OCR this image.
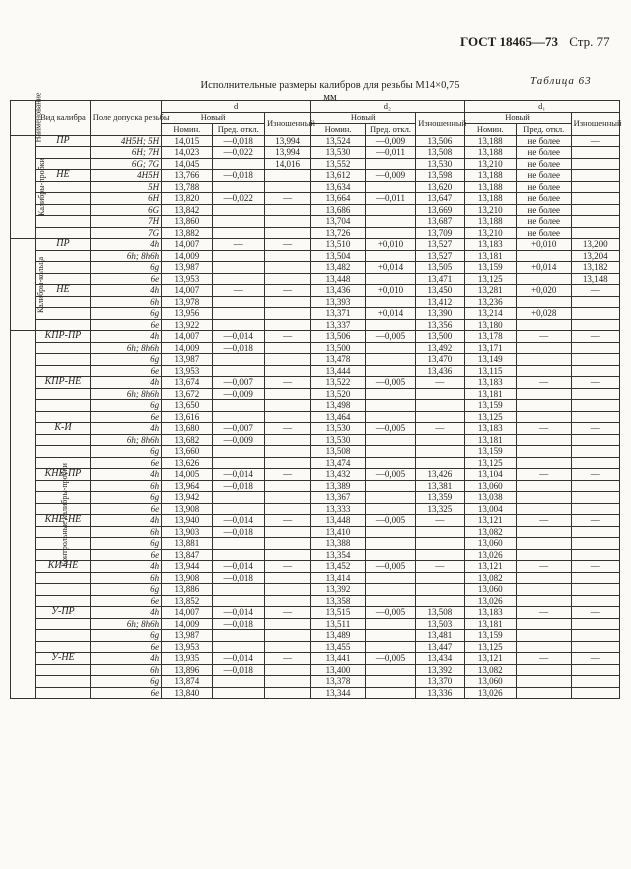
ГОСТ 18465—73 Стр. 77
Таблица 63
Исполнительные размеры калибров для резьбы М14×0,75
мм
Наименование	Вид калибра	Поле допуска резьбы	d			d₂			d₁		
			Новый		Изношенный	Новый		Изношенный	Новый		Изношенный
			Номин.	Пред. откл.		Номин.	Пред. откл.		Номин.	Пред. откл.	
Калибры-пробки	ПР	4H5H; 5H	14,015	—0,018	13,994	13,524	—0,009	13,506	13,188	не более	—
		6H; 7H	14,023	—0,022	13,994	13,530	—0,011	13,508	13,188	не более	
		6G; 7G	14,045		14,016	13,552		13,530	13,210	не более	
	НЕ	4H5H	13,766	—0,018		13,612	—0,009	13,598	13,188	не более	
		5H	13,788			13,634		13,620	13,188	не более	
		6H	13,820	—0,022	—	13,664	—0,011	13,647	13,188	не более	
		6G	13,842			13,686		13,669	13,210	не более	
		7H	13,860			13,704		13,687	13,188	не более	
		7G	13,882			13,726		13,709	13,210	не более	
Калибры-кольца	ПР	4h	14,007	—	—	13,510	+0,010	13,527	13,183	+0,010	13,200
		6h; 8h6h	14,009			13,504		13,527	13,181		13,204
		6g	13,987			13,482	+0,014	13,505	13,159	+0,014	13,182
		6e	13,953			13,448		13,471	13,125		13,148
	НЕ	4h	14,007	—	—	13,436	+0,010	13,450	13,281	+0,020	—
		6h	13,978			13,393		13,412	13,236		
		6g	13,956			13,371	+0,014	13,390	13,214	+0,028	
		6e	13,922			13,337		13,356	13,180		
Контрольные калибры-пробки	КПР-ПР	4h	14,007	—0,014	—	13,506	—0,005	13,500	13,178	—	—
		6h; 8h6h	14,009	—0,018		13,500		13,492	13,171		
		6g	13,987			13,478		13,470	13,149		
		6e	13,953			13,444		13,436	13,115		
	КПР-НЕ	4h	13,674	—0,007	—	13,522	—0,005	—	13,183	—	—
		6h; 8h6h	13,672	—0,009		13,520			13,181		
		6g	13,650			13,498			13,159		
		6e	13,616			13,464			13,125		
	К-И	4h	13,680	—0,007	—	13,530	—0,005	—	13,183	—	—
		6h; 8h6h	13,682	—0,009		13,530			13,181		
		6g	13,660			13,508			13,159		
		6e	13,626			13,474			13,125		
	КНЕ-ПР	4h	14,005	—0,014	—	13,432	—0,005	13,426	13,104	—	—
		6h	13,964	—0,018		13,389		13,381	13,060		
		6g	13,942			13,367		13,359	13,038		
		6e	13,908			13,333		13,325	13,004		
	КНЕ-НЕ	4h	13,940	—0,014	—	13,448	—0,005	—	13,121	—	—
		6h	13,903	—0,018		13,410			13,082		
		6g	13,881			13,388			13,060		
		6e	13,847			13,354			13,026		
	КИ-НЕ	4h	13,944	—0,014	—	13,452	—0,005	—	13,121	—	—
		6h	13,908	—0,018		13,414			13,082		
		6g	13,886			13,392			13,060		
		6e	13,852			13,358			13,026		
	У-ПР	4h	14,007	—0,014	—	13,515	—0,005	13,508	13,183	—	—
		6h; 8h6h	14,009	—0,018		13,511		13,503	13,181		
		6g	13,987			13,489		13,481	13,159		
		6e	13,953			13,455		13,447	13,125		
	У-НЕ	4h	13,935	—0,014	—	13,441	—0,005	13,434	13,121	—	—
		6h	13,896	—0,018		13,400		13,392	13,082		
		6g	13,874			13,378		13,370	13,060		
		6e	13,840			13,344		13,336	13,026		
